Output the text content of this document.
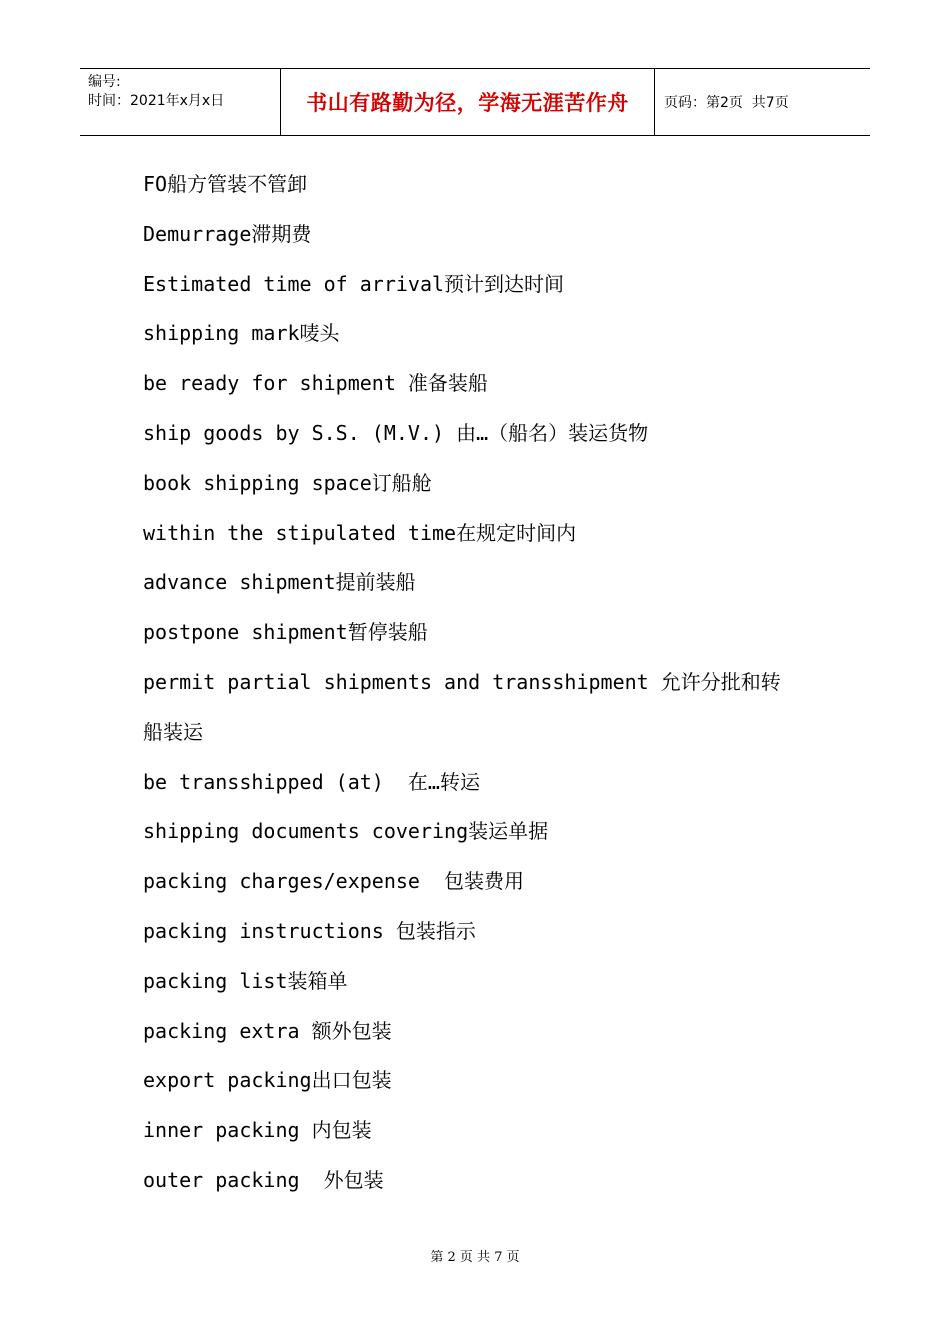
编号:
时间：2021年x月x日	书山有路勤为径，学海无涯苦作舟	页码：第2页  共7页
FO船方管装不管卸
Demurrage滞期费
Estimated time of arrival预计到达时间
shipping mark唛头
be ready for shipment 准备装船
ship goods by S.S. (M.V.) 由…（船名）装运货物
book shipping space订船舱
within the stipulated time在规定时间内
advance shipment提前装船
postpone shipment暂停装船
permit partial shipments and transshipment 允许分批和转
船装运
be transshipped (at)  在…转运
shipping documents covering装运单据
packing charges/expense  包装费用
packing instructions 包装指示
packing list装箱单
packing extra 额外包装
export packing出口包装
inner packing 内包装
outer packing  外包装
第 2 页 共 7 页
